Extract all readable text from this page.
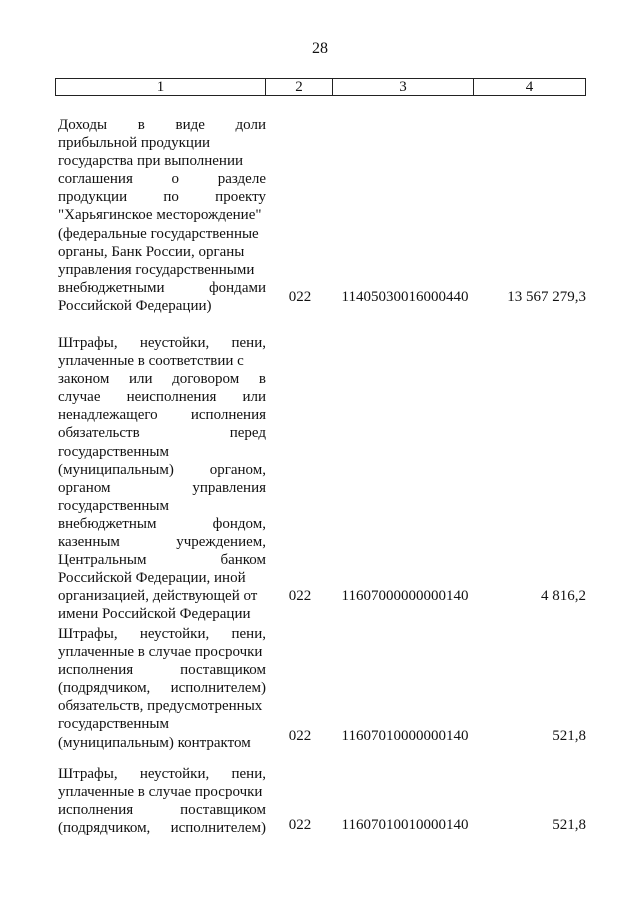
28
1	2	3	4
Доходы в виде доли
прибыльной продукции
государства при выполнении
соглашения	о	разделе
продукции по проекту
"Харьягинское месторождение"
(федеральные государственные
органы, Банк России, органы
управления государственными
внебюджетными	фондами
Российской Федерации)
022	11405030016000440	13 567 279,3
Штрафы, неустойки, пени,
уплаченные в соответствии с
законом или договором в
случае неисполнения или
ненадлежащего исполнения
обязательств	перед
государственным
(муниципальным) органом,
органом	управления
государственным
внебюджетным	фондом,
казенным	учреждением,
Центральным	банком
Российской Федерации, иной
организацией, действующей от
имени Российской Федерации
022	11607000000000140	4 816,2
Штрафы, неустойки, пени,
уплаченные в случае просрочки
исполнения	поставщиком
(подрядчиком, исполнителем)
обязательств, предусмотренных
государственным
(муниципальным) контрактом	022	11607010000000140	521,8
Штрафы, неустойки, пени,
уплаченные в случае просрочки
исполнения	поставщиком
(подрядчиком, исполнителем)	022	11607010010000140	521,8
